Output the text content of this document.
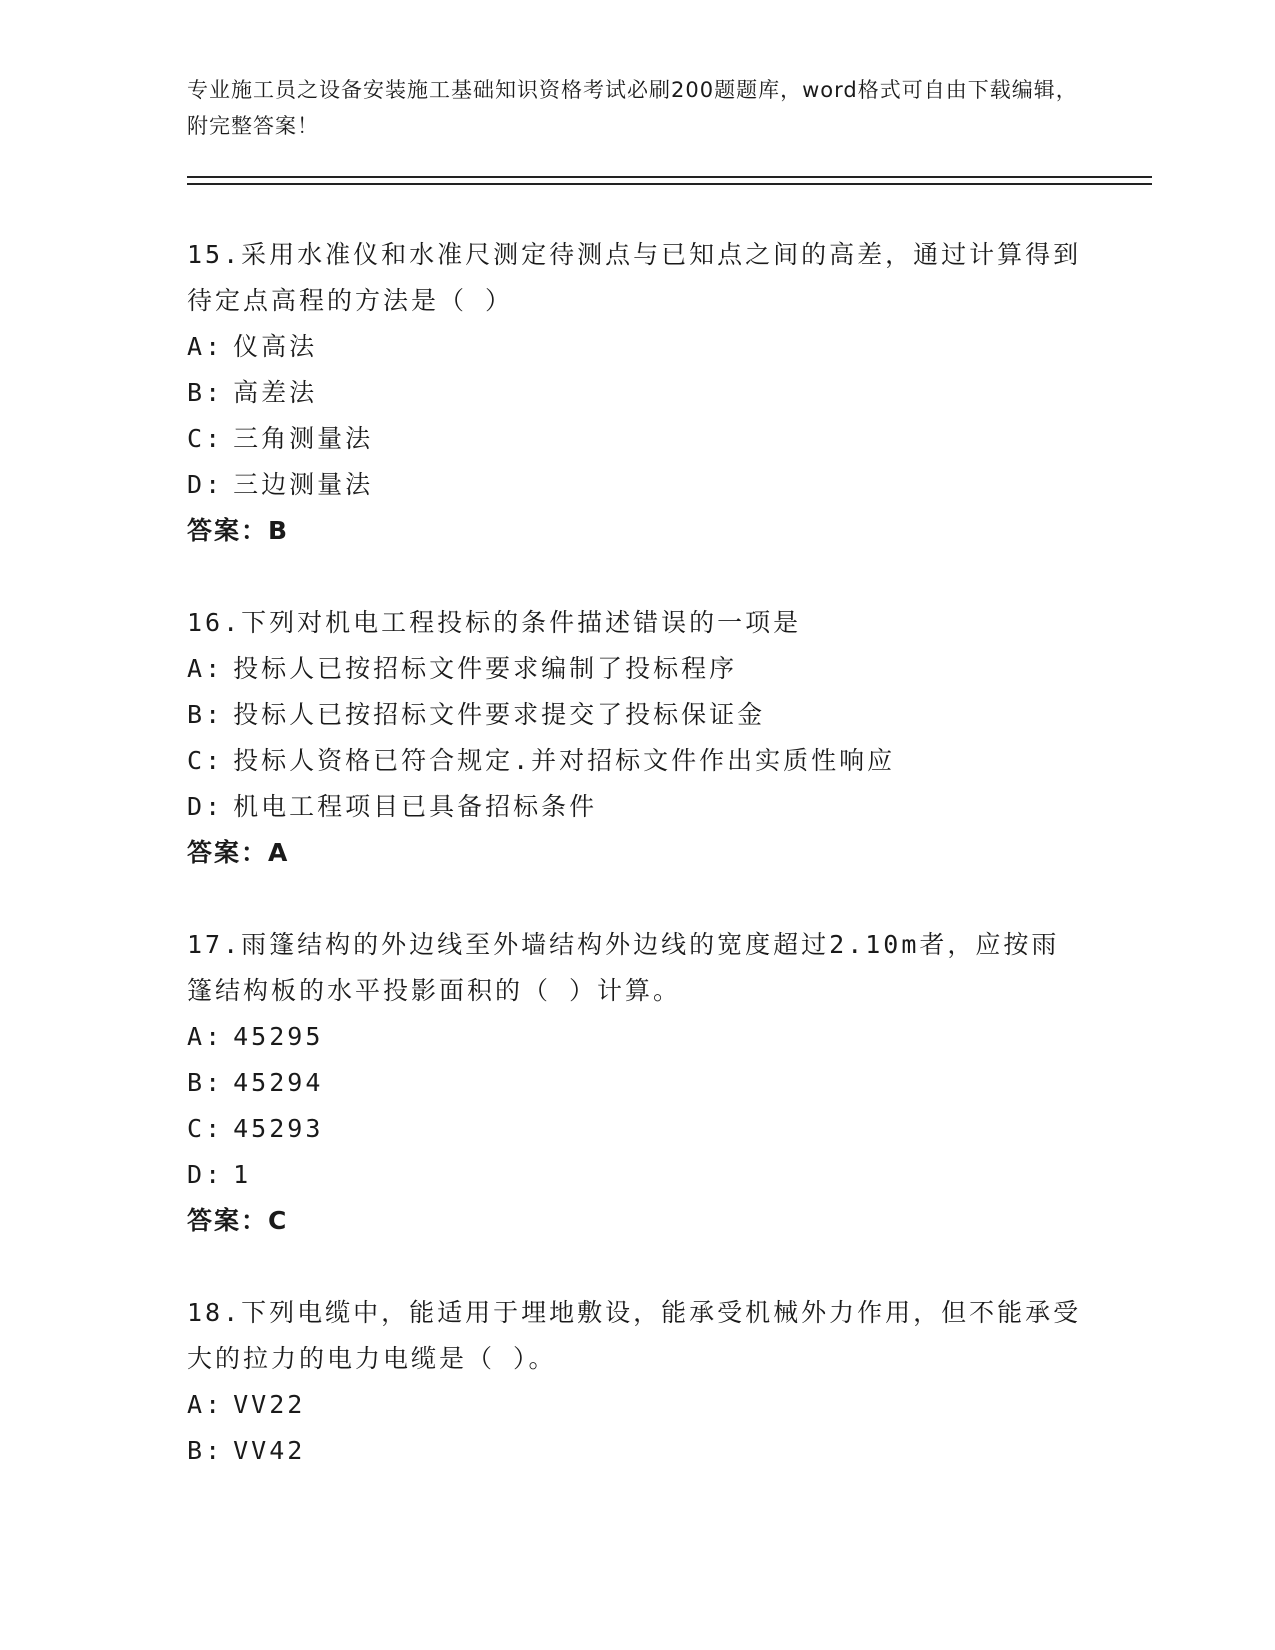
专业施工员之设备安装施工基础知识资格考试必刷200题题库，word格式可自由下载编辑，附完整答案！
15.采用水准仪和水准尺测定待测点与已知点之间的高差，通过计算得到待定点高程的方法是（ ）
A: 仪高法
B: 高差法
C: 三角测量法
D: 三边测量法
答案：B
16.下列对机电工程投标的条件描述错误的一项是
A: 投标人已按招标文件要求编制了投标程序
B: 投标人已按招标文件要求提交了投标保证金
C: 投标人资格已符合规定.并对招标文件作出实质性响应
D: 机电工程项目已具备招标条件
答案：A
17.雨篷结构的外边线至外墙结构外边线的宽度超过2.10m者，应按雨篷结构板的水平投影面积的（ ）计算。
A: 45295
B: 45294
C: 45293
D: 1
答案：C
18.下列电缆中，能适用于埋地敷设，能承受机械外力作用，但不能承受大的拉力的电力电缆是（ ）。
A: VV22
B: VV42
